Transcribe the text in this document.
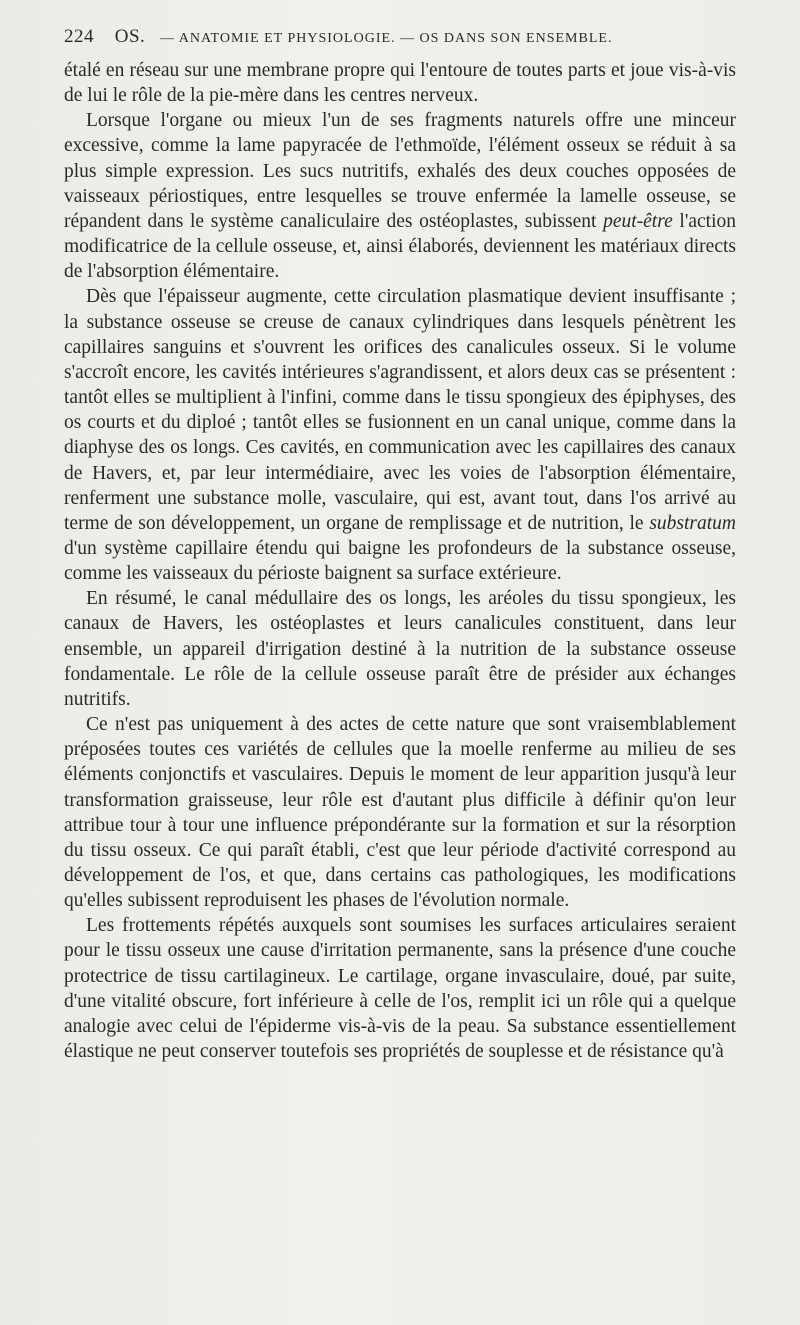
224 OS. — ANATOMIE ET PHYSIOLOGIE. — OS DANS SON ENSEMBLE.

étalé en réseau sur une membrane propre qui l'entoure de toutes parts et joue vis-à-vis de lui le rôle de la pie-mère dans les centres nerveux.

Lorsque l'organe ou mieux l'un de ses fragments naturels offre une minceur excessive, comme la lame papyracée de l'ethmoïde, l'élément osseux se réduit à sa plus simple expression. Les sucs nutritifs, exhalés des deux couches opposées de vaisseaux périostiques, entre lesquelles se trouve enfermée la lamelle osseuse, se répandent dans le système canaliculaire des ostéoplastes, subissent peut-être l'action modificatrice de la cellule osseuse, et, ainsi élaborés, deviennent les matériaux directs de l'absorption élémentaire.

Dès que l'épaisseur augmente, cette circulation plasmatique devient insuffisante ; la substance osseuse se creuse de canaux cylindriques dans lesquels pénètrent les capillaires sanguins et s'ouvrent les orifices des canalicules osseux. Si le volume s'accroît encore, les cavités intérieures s'agrandissent, et alors deux cas se présentent : tantôt elles se multiplient à l'infini, comme dans le tissu spongieux des épiphyses, des os courts et du diploé ; tantôt elles se fusionnent en un canal unique, comme dans la diaphyse des os longs. Ces cavités, en communication avec les capillaires des canaux de Havers, et, par leur intermédiaire, avec les voies de l'absorption élémentaire, renferment une substance molle, vasculaire, qui est, avant tout, dans l'os arrivé au terme de son développement, un organe de remplissage et de nutrition, le substratum d'un système capillaire étendu qui baigne les profondeurs de la substance osseuse, comme les vaisseaux du périoste baignent sa surface extérieure.

En résumé, le canal médullaire des os longs, les aréoles du tissu spongieux, les canaux de Havers, les ostéoplastes et leurs canalicules constituent, dans leur ensemble, un appareil d'irrigation destiné à la nutrition de la substance osseuse fondamentale. Le rôle de la cellule osseuse paraît être de présider aux échanges nutritifs.

Ce n'est pas uniquement à des actes de cette nature que sont vraisemblablement préposées toutes ces variétés de cellules que la moelle renferme au milieu de ses éléments conjonctifs et vasculaires. Depuis le moment de leur apparition jusqu'à leur transformation graisseuse, leur rôle est d'autant plus difficile à définir qu'on leur attribue tour à tour une influence prépondérante sur la formation et sur la résorption du tissu osseux. Ce qui paraît établi, c'est que leur période d'activité correspond au développement de l'os, et que, dans certains cas pathologiques, les modifications qu'elles subissent reproduisent les phases de l'évolution normale.

Les frottements répétés auxquels sont soumises les surfaces articulaires seraient pour le tissu osseux une cause d'irritation permanente, sans la présence d'une couche protectrice de tissu cartilagineux. Le cartilage, organe invasculaire, doué, par suite, d'une vitalité obscure, fort inférieure à celle de l'os, remplit ici un rôle qui a quelque analogie avec celui de l'épiderme vis-à-vis de la peau. Sa substance essentiellement élastique ne peut conserver toutefois ses propriétés de souplesse et de résistance qu'à
